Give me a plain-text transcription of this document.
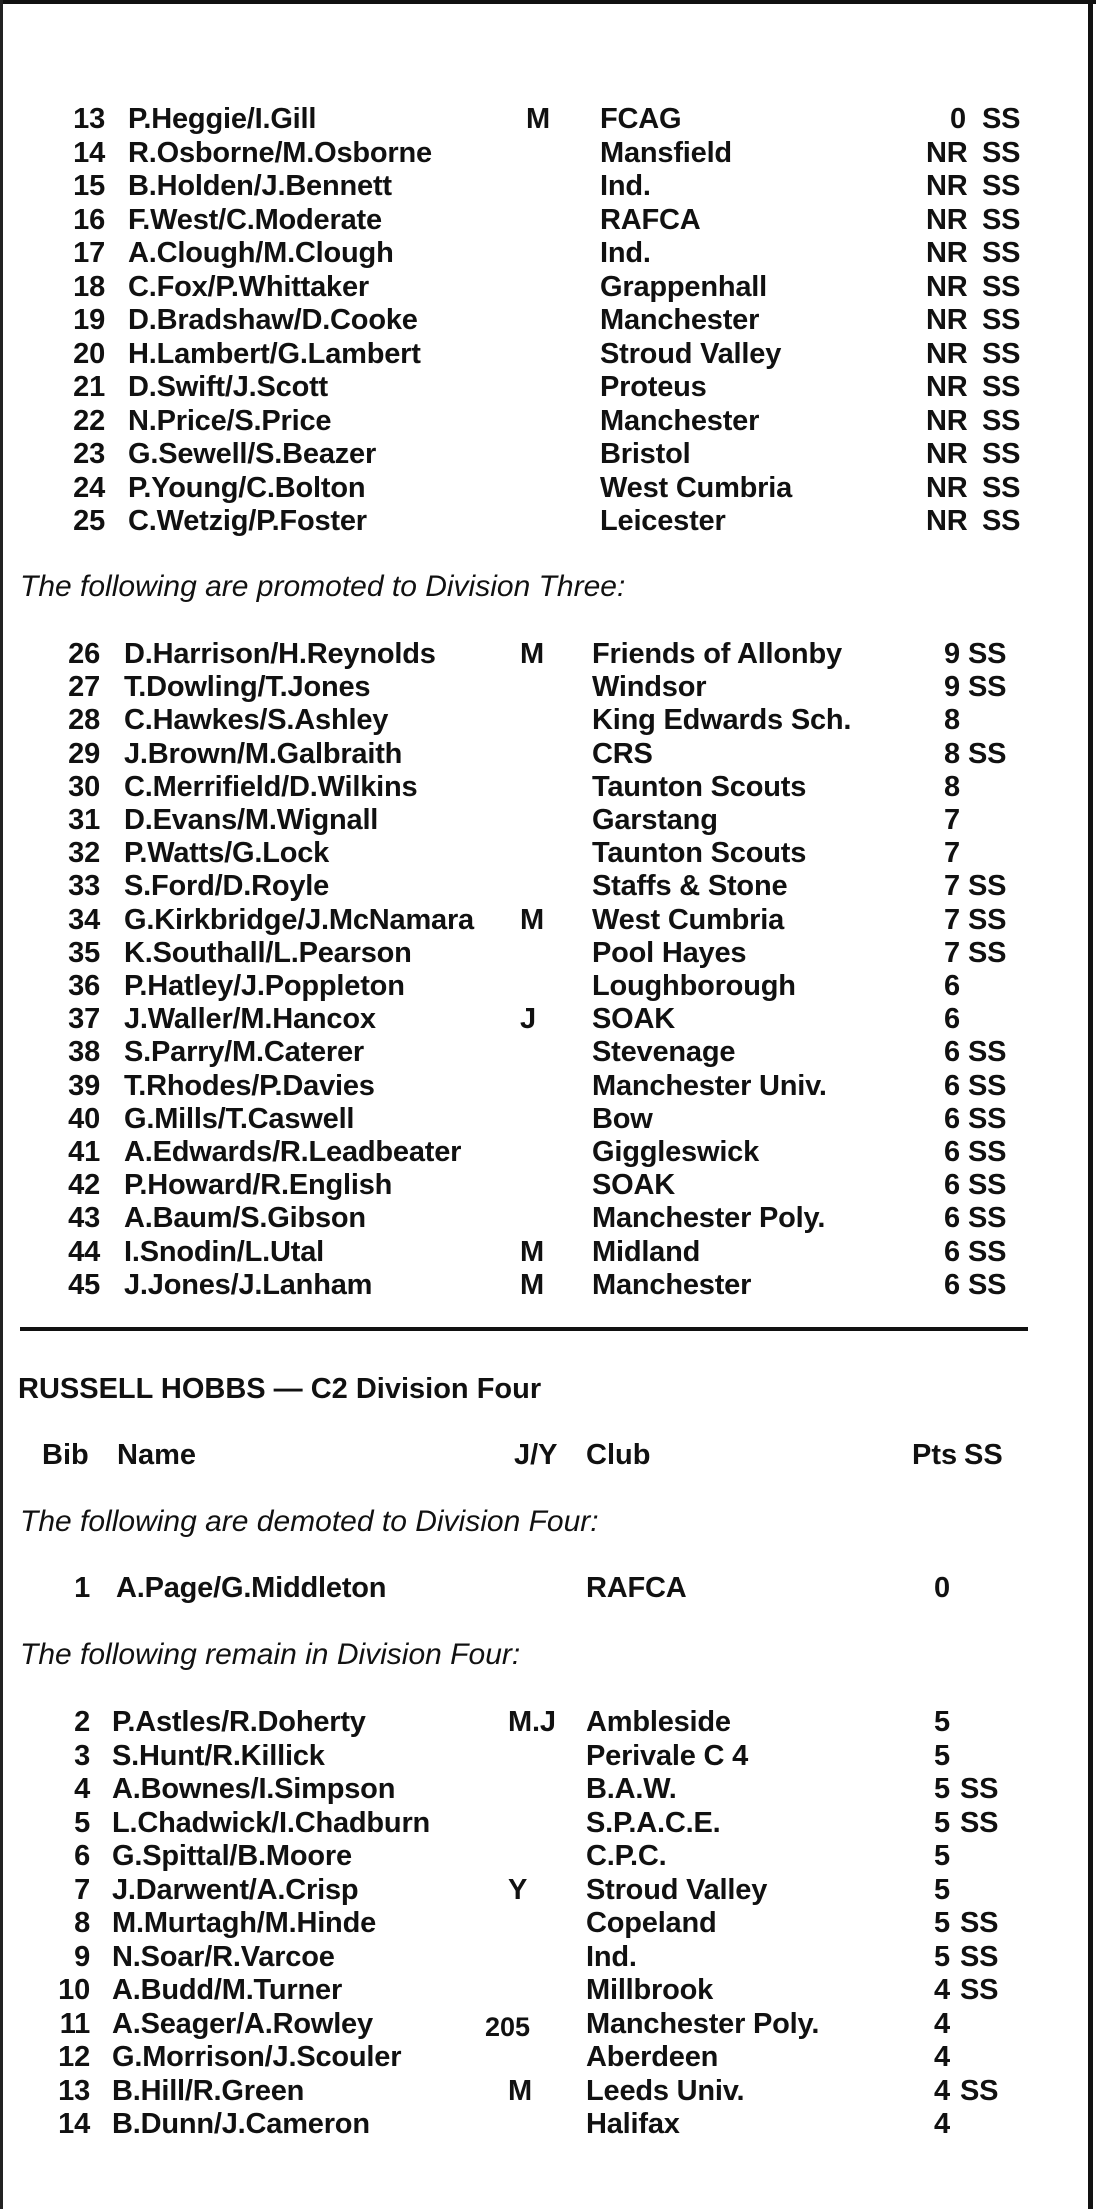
13 P.Heggie/I.Gill	M FCAG	0 SS
14 R.Osborne/M.Osborne	Mansfield	NR SS
15 B.Holden/J.Bennett	Ind.	NR SS
16 F.West/C.Moderate	RAFCA	NR SS
17 A.Clough/M.Clough	Ind.	NR SS
18 C.Fox/P.Whittaker	Grappenhall	NR SS
19 D.Bradshaw/D.Cooke	Manchester	NR SS
20 H.Lambert/G.Lambert	Stroud Valley	NR SS
21 D.Swift/J.Scott	Proteus	NR SS
22 N.Price/S.Price	Manchester	NR SS
23 G.Sewell/S.Beazer	Bristol	NR SS
24 P.Young/C.Bolton	West Cumbria	NR SS
25 C.Wetzig/P.Foster	Leicester	NR SS
The following are promoted to Division Three:
26 D.Harrison/H.Reynolds	M Friends of Allonby	9 SS
27 T.Dowling/T.Jones	Windsor	9 SS
28 C.Hawkes/S.Ashley	King Edwards Sch.	8
29 J.Brown/M.Galbraith	CRS	8 SS
30 C.Merrifield/D.Wilkins	Taunton Scouts	8
31 D.Evans/M.Wignall	Garstang	7
32 P.Watts/G.Lock	Taunton Scouts	7
33 S.Ford/D.Royle	Staffs & Stone	7 SS
34 G.Kirkbridge/J.McNamara M West Cumbria	7 SS
35 K.Southall/L.Pearson	Pool Hayes	7 SS
36 P.Hatley/J.Poppleton	Loughborough	6
37 J.Waller/M.Hancox	J SOAK	6
38 S.Parry/M.Caterer	Stevenage	6 SS
39 T.Rhodes/P.Davies	Manchester Univ.	6 SS
40 G.Mills/T.Caswell	Bow	6 SS
41 A.Edwards/R.Leadbeater	Giggleswick	6 SS
42 P.Howard/R.English	SOAK	6 SS
43 A.Baum/S.Gibson	Manchester Poly.	6 SS
44 I.Snodin/L.Utal	M Midland	6 SS
45 J.Jones/J.Lanham	M Manchester	6 SS
RUSSELL HOBBS — C2 Division Four
Bib Name	J/Y Club	Pts SS
The following are demoted to Division Four:
1 A.Page/G.Middleton	RAFCA	0
The following remain in Division Four:
2 P.Astles/R.Doherty	M.J Ambleside	5
3 S.Hunt/R.Killick	Perivale C 4	5
4 A.Bownes/I.Simpson	B.A.W.	5 SS
5 L.Chadwick/I.Chadburn	S.P.A.C.E.	5 SS
6 G.Spittal/B.Moore	C.P.C.	5
7 J.Darwent/A.Crisp	Y Stroud Valley	5
8 M.Murtagh/M.Hinde	Copeland	5 SS
9 N.Soar/R.Varcoe	Ind.	5 SS
10 A.Budd/M.Turner	Millbrook	4 SS
11 A.Seager/A.Rowley	Manchester Poly.	4
12 G.Morrison/J.Scouler	Aberdeen	4
13 B.Hill/R.Green	M Leeds Univ.	4 SS
14 B.Dunn/J.Cameron	Halifax	4
205
